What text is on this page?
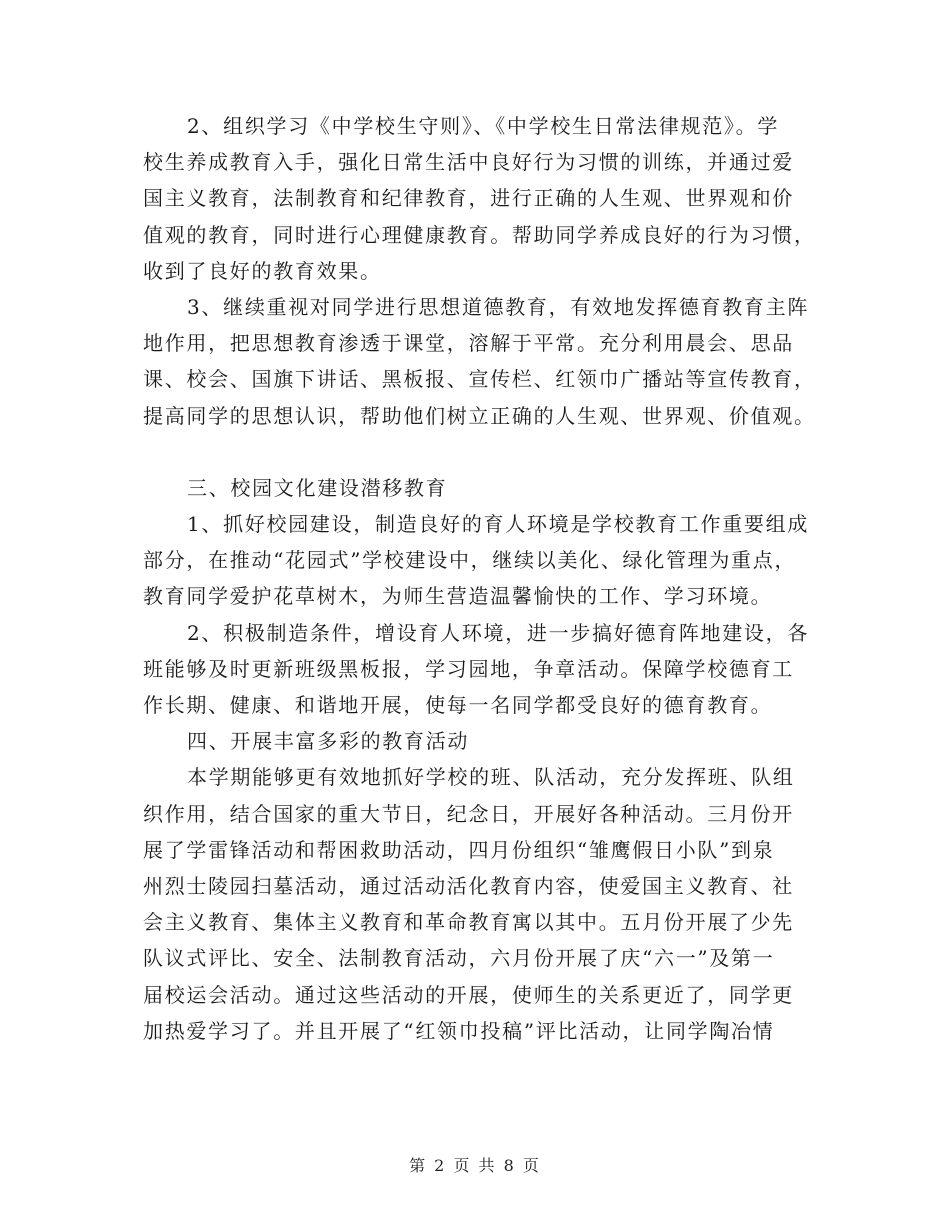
2、组织学习《中学校生守则》、《中学校生日常法律规范》。学
校生养成教育入手，强化日常生活中良好行为习惯的训练，并通过爱
国主义教育，法制教育和纪律教育，进行正确的人生观、世界观和价
值观的教育，同时进行心理健康教育。帮助同学养成良好的行为习惯，
收到了良好的教育效果。
3、继续重视对同学进行思想道德教育，有效地发挥德育教育主阵
地作用，把思想教育渗透于课堂，溶解于平常。充分利用晨会、思品
课、校会、国旗下讲话、黑板报、宣传栏、红领巾广播站等宣传教育，
提高同学的思想认识，帮助他们树立正确的人生观、世界观、价值观。
三、校园文化建设潜移教育
1、抓好校园建设，制造良好的育人环境是学校教育工作重要组成
部分，在推动“花园式”学校建设中，继续以美化、绿化管理为重点，
教育同学爱护花草树木，为师生营造温馨愉快的工作、学习环境。
2、积极制造条件，增设育人环境，进一步搞好德育阵地建设，各
班能够及时更新班级黑板报，学习园地，争章活动。保障学校德育工
作长期、健康、和谐地开展，使每一名同学都受良好的德育教育。
四、开展丰富多彩的教育活动
本学期能够更有效地抓好学校的班、队活动，充分发挥班、队组
织作用，结合国家的重大节日，纪念日，开展好各种活动。三月份开
展了学雷锋活动和帮困救助活动，四月份组织“雏鹰假日小队”到泉
州烈士陵园扫墓活动，通过活动活化教育内容，使爱国主义教育、社
会主义教育、集体主义教育和革命教育寓以其中。五月份开展了少先
队议式评比、安全、法制教育活动，六月份开展了庆“六一”及第一
届校运会活动。通过这些活动的开展，使师生的关系更近了，同学更
加热爱学习了。并且开展了“红领巾投稿”评比活动，让同学陶冶情
第 2 页 共 8 页
